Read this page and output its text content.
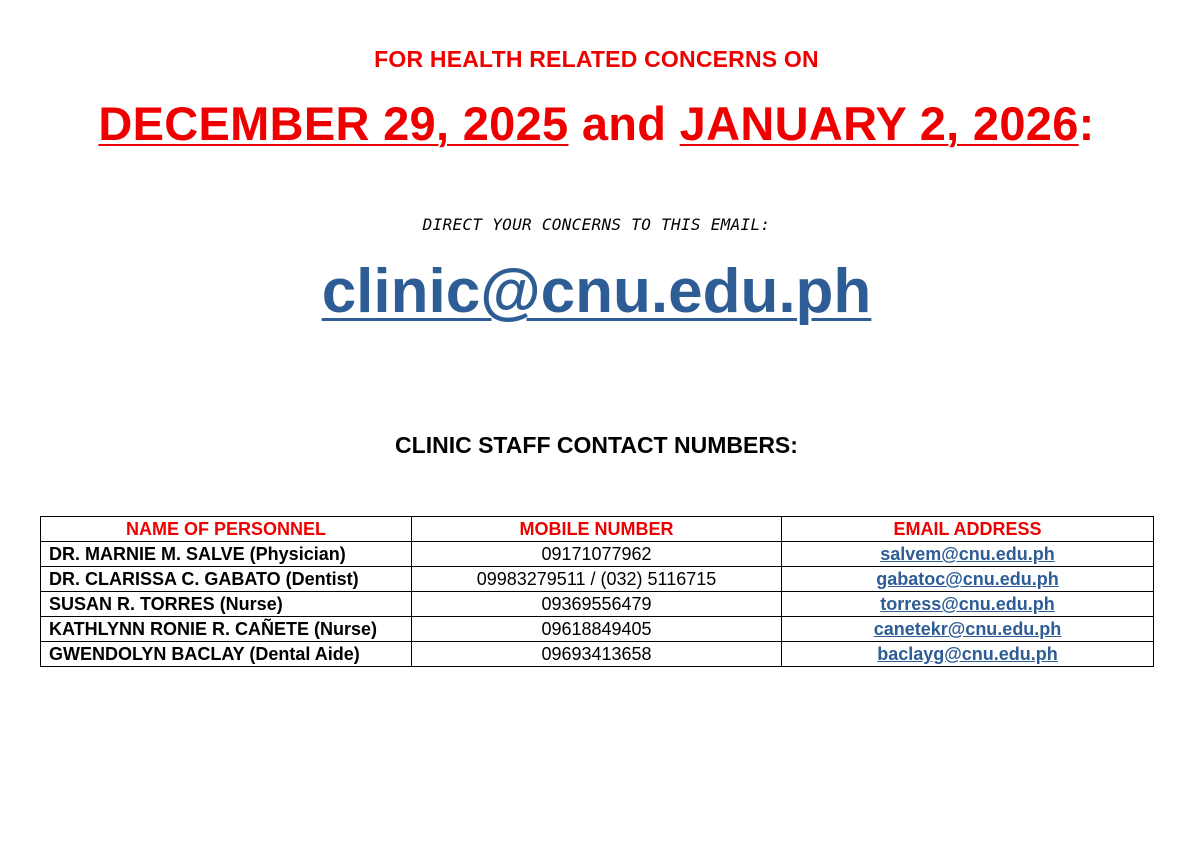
FOR HEALTH RELATED CONCERNS ON
DECEMBER 29, 2025 and JANUARY 2, 2026:
DIRECT YOUR CONCERNS TO THIS EMAIL:
clinic@cnu.edu.ph
CLINIC STAFF CONTACT NUMBERS:
NAME OF PERSONNEL	MOBILE NUMBER	EMAIL ADDRESS
DR. MARNIE M. SALVE (Physician)	09171077962	salvem@cnu.edu.ph
DR. CLARISSA C. GABATO (Dentist)	09983279511 / (032) 5116715	gabatoc@cnu.edu.ph
SUSAN R. TORRES (Nurse)	09369556479	torress@cnu.edu.ph
KATHLYNN RONIE R. CAÑETE (Nurse)	09618849405	canetekr@cnu.edu.ph
GWENDOLYN BACLAY (Dental Aide)	09693413658	baclayg@cnu.edu.ph
